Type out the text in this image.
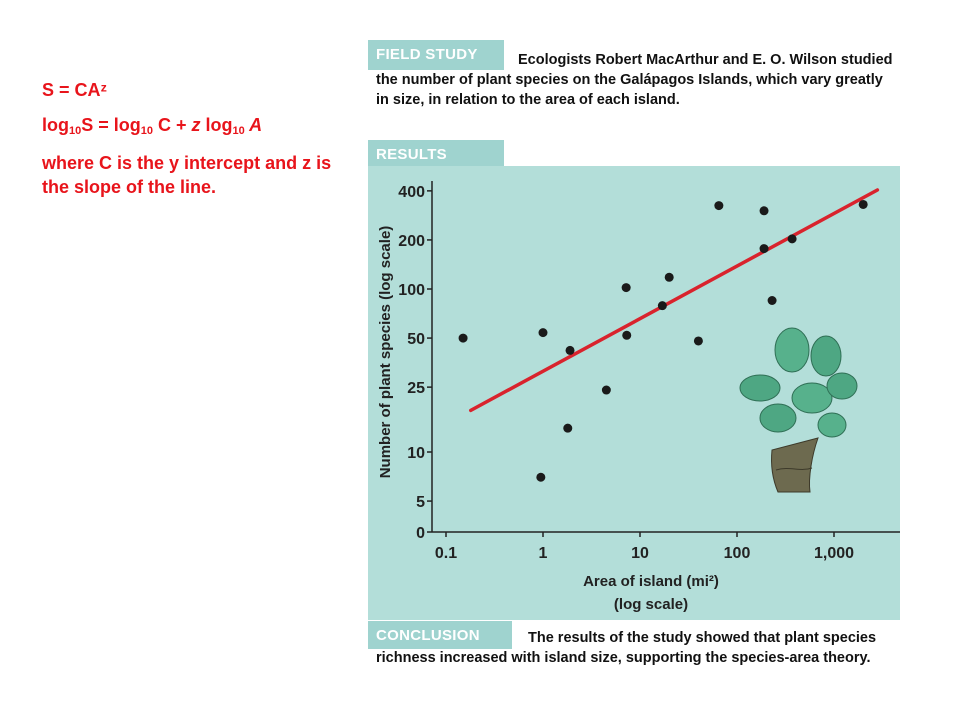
S = CAᶻ
$\log_{10}S = \log_{10} C + z$ $\log_{10} A$
where C is the y intercept and z is the slope of the line.
Ecologists Robert MacArthur and E. O. Wilson studied the number of plant species on the Galápagos Islands, which vary greatly in size, in relation to the area of each island.
FIELD STUDY
RESULTS
400
200
100
50
25
10
5
0
0.1	1	10	100	1,000
Number of plant species (log scale)
Area of island (mi²)
(log scale)
The results of the study showed that plant species richness increased with island size, supporting the species-area theory.
CONCLUSION
